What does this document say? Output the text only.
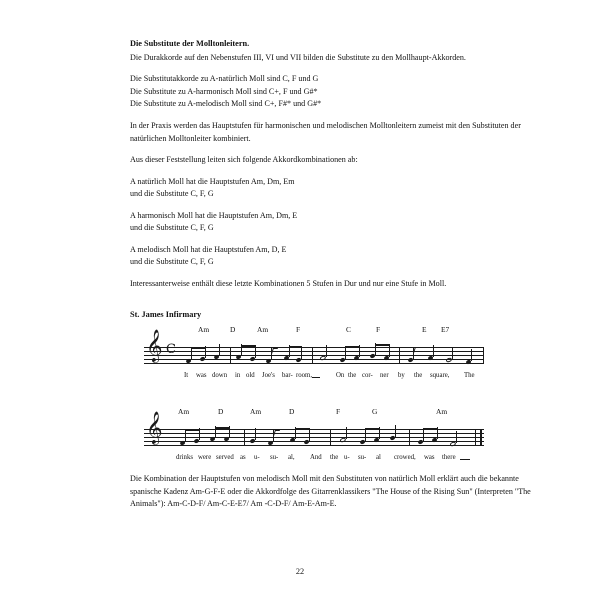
Die Substitute der Molltonleitern.

Die Durakkorde auf den Nebenstufen III, VI und VII bilden die Substitute zu den Mollhaupt-Akkorden.

Die Substitutakkorde zu A-natürlich Moll sind C, F und G

Die Substitute zu A-harmonisch Moll sind C+, F und G#*

Die Substitute zu A-melodisch Moll sind C+, F#* und G#*

In der Praxis werden das Hauptstufen für harmonischen und melodischen Molltonleitern zumeist mit den Substituten der natürlichen Molltonleiter kombiniert.

Aus dieser Feststellung leiten sich folgende Akkordkombinationen ab:

A natürlich Moll hat die Hauptstufen Am, Dm, Em

und die Substitute C, F, G

A harmonisch Moll hat die Hauptstufen Am, Dm, E

und die Substitute C, F, G

A melodisch Moll hat die Hauptstufen Am, D, E

und die Substitute C, F, G

Interessanterweise enthält diese letzte Kombinationen 5 Stufen in Dur und nur eine Stufe in Moll.

St. James Infirmary
𝄞 C
Am	D	Am	F	C	F	E E7
It was down in old Joe's bar- room,	On the cor- ner by the square, The
𝄞 Am	D	Am	D	F	G	Am
drinks were served as u- su- al, And the u- su- al crowed, was there

Die Kombination der Hauptstufen von melodisch Moll mit den Substituten von natürlich Moll erklärt auch die bekannte spanische Kadenz Am-G-F-E oder die Akkordfolge des Gitarrenklassikers "The House of the Rising Sun" (Interpreten "The Animals"): Am-C-D-F/ Am-C-E-E7/ Am -C-D-F/ Am-E-Am-E.

22
